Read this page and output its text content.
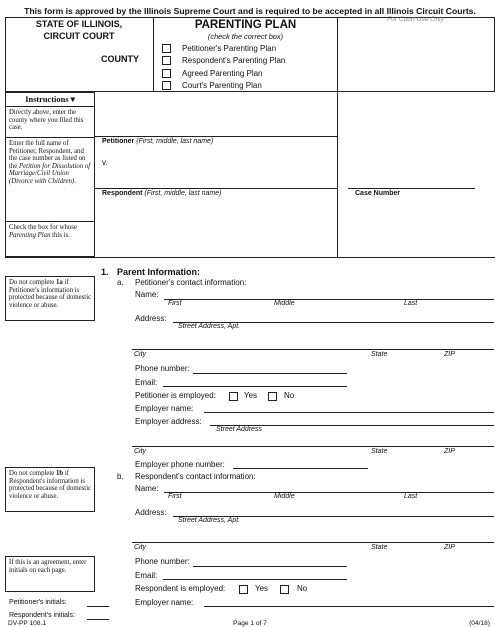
This form is approved by the Illinois Supreme Court and is required to be accepted in all Illinois Circuit Courts.
STATE OF ILLINOIS,
CIRCUIT COURT
COUNTY
PARENTING PLAN
(check the correct box)
Petitioner's Parenting Plan
Respondent's Parenting Plan
Agreed Parenting Plan
Court's Parenting Plan
For Court Use Only
Instructions ▾
Directly above, enter the county where you filed this case.
Enter the full name of Petitioner, Respondent, and the case number as listed on the Petition for Dissolution of Marriage/Civil Union (Divorce with Children).
Check the box for whose Parenting Plan this is.
Petitioner (First, middle, last name)
v.
Respondent (First, middle, last name)	Case Number
1. Parent Information:
Do not complete 1a if Petitioner's information is protected because of domestic violence or abuse.
a. Petitioner's contact information:
Name:
First	Middle	Last
Address:
Street Address, Apt.
City	State	ZIP
Phone number:
Email:
Petitioner is employed:	Yes	No
Employer name:
Employer address:
Street Address
City	State	ZIP
Employer phone number:
Do not complete 1b if Respondent's information is protected because of domestic violence or abuse.
b. Respondent's contact information:
Name:
First	Middle	Last
Address:
Street Address, Apt.
City	State	ZIP
If this is an agreement, enter initials on each page.
Phone number:
Email:
Respondent is employed:	Yes	No
Petitioner's initials:
Respondent's initials:
Employer name:
DV-PP 108.1	Page 1 of 7	(04/18)
